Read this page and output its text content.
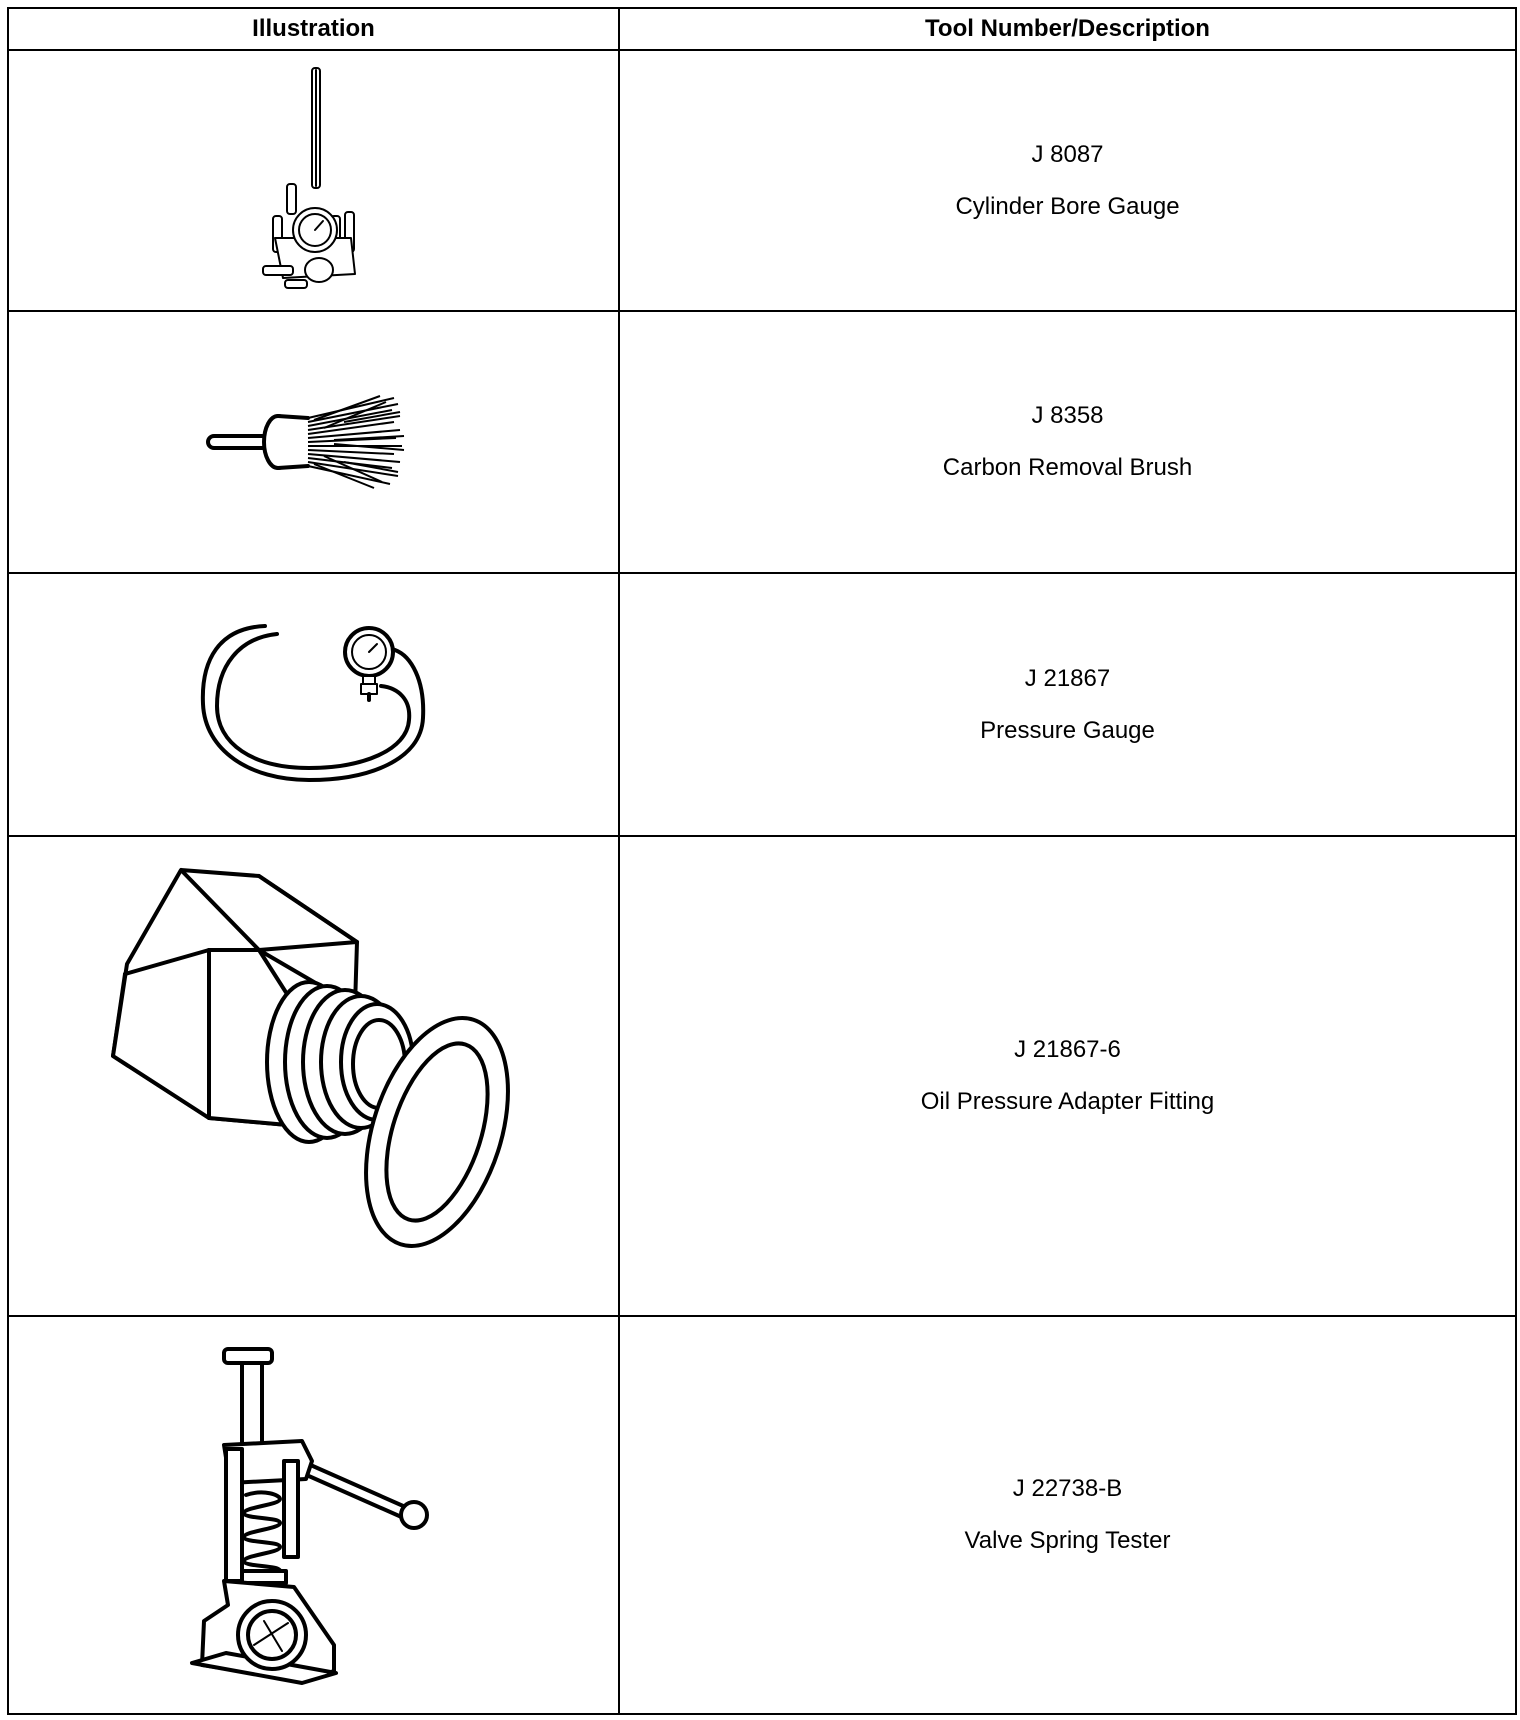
Illustration	Tool Number/Description

J 8087
Cylinder Bore Gauge

J 8358
Carbon Removal Brush

J 21867
Pressure Gauge

J 21867-6
Oil Pressure Adapter Fitting

J 22738-B
Valve Spring Tester
